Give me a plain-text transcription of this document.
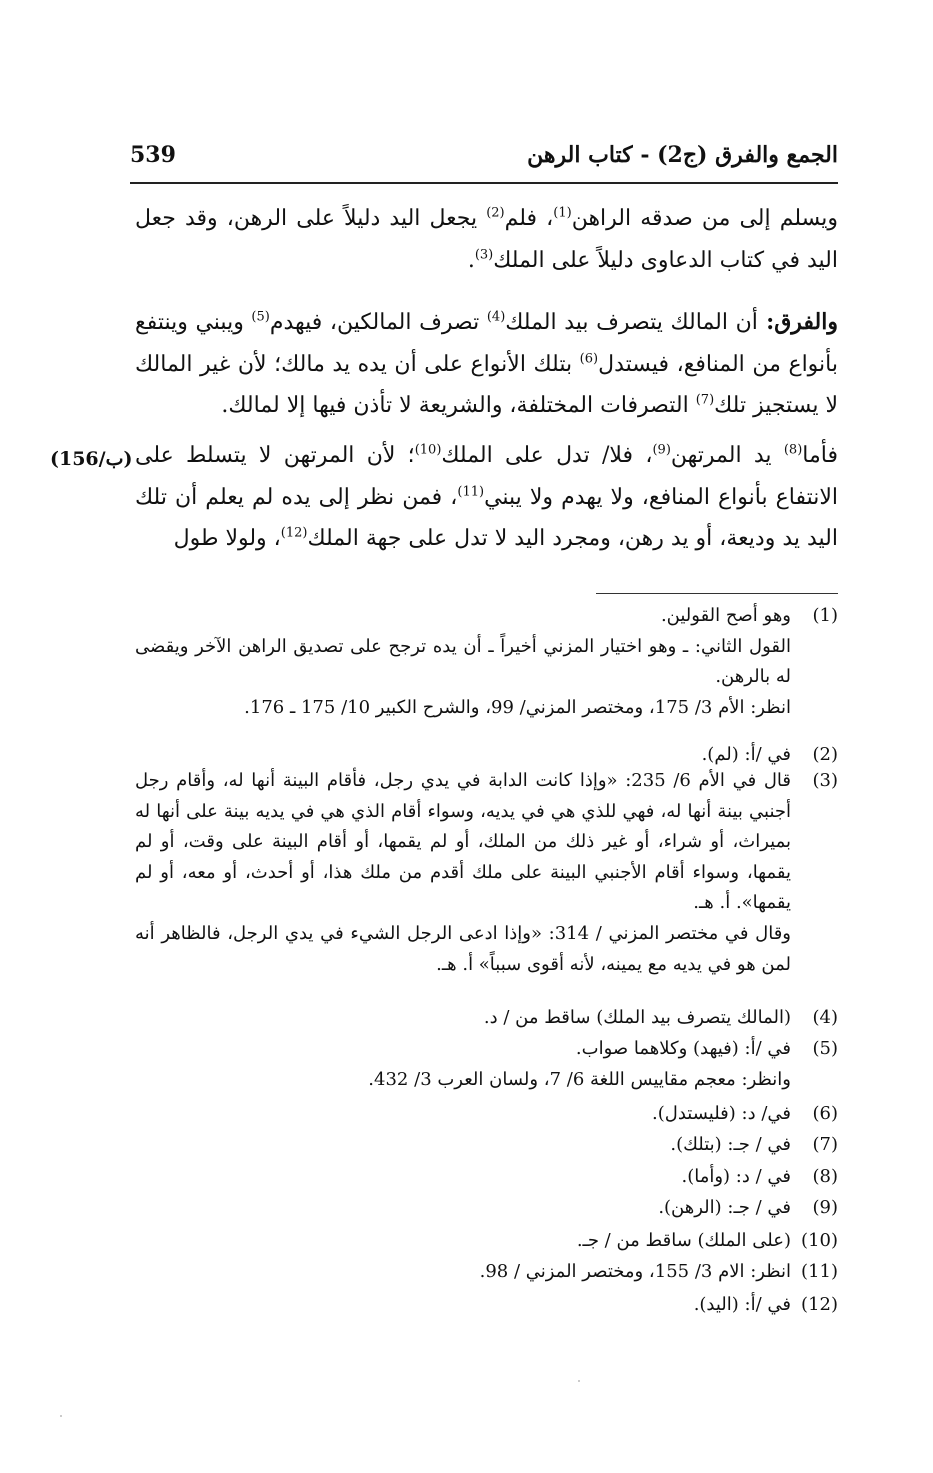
الجمع والفرق (ج2) - كتاب الرهن
539
ويسلم إلى من صدقه الراهن$^{(1)}$، فلم$^{(2)}$ يجعل اليد دليلاً على الرهن، وقد جعل اليد في كتاب الدعاوى دليلاً على الملك$^{(3)}$.
والفرق: أن المالك يتصرف بيد الملك$^{(4)}$ تصرف المالكين، فيهدم$^{(5)}$ ويبني وينتفع بأنواع من المنافع، فيستدل$^{(6)}$ بتلك الأنواع على أن يده يد مالك؛ لأن غير المالك لا يستجيز تلك$^{(7)}$ التصرفات المختلفة، والشريعة لا تأذن فيها إلا لمالك.
فأما$^{(8)}$ يد المرتهن$^{(9)}$، فلا/ تدل على الملك$^{(10)}$؛ لأن المرتهن لا يتسلط على الانتفاع بأنواع المنافع، ولا يهدم ولا يبني$^{(11)}$، فمن نظر إلى يده لم يعلم أن تلك اليد يد وديعة، أو يد رهن، ومجرد اليد لا تدل على جهة الملك$^{(12)}$، ولولا طول
(156/ب)
(1)
وهو أصح القولين.
القول الثاني: ـ وهو اختيار المزني أخيراً ـ أن يده ترجح على تصديق الراهن الآخر ويقضى له بالرهن.
انظر: الأم 3/ 175، ومختصر المزني/ 99، والشرح الكبير 10/ 175 ـ 176.
(2)
في /أ: (لم).
(3)
قال في الأم 6/ 235: «وإذا كانت الدابة في يدي رجل، فأقام البينة أنها له، وأقام رجل أجنبي بينة أنها له، فهي للذي هي في يديه، وسواء أقام الذي هي في يديه بينة على أنها له بميراث، أو شراء، أو غير ذلك من الملك، أو لم يقمها، أو أقام البينة على وقت، أو لم يقمها، وسواء أقام الأجنبي البينة على ملك أقدم من ملك هذا، أو أحدث، أو معه، أو لم يقمها». أ. هـ.
وقال في مختصر المزني / 314: «وإذا ادعى الرجل الشيء في يدي الرجل، فالظاهر أنه لمن هو في يديه مع يمينه، لأنه أقوى سبباً» أ. هـ.
(4)
(المالك يتصرف بيد الملك) ساقط من / د.
(5)
في /أ: (فيهد) وكلاهما صواب.
وانظر: معجم مقاييس اللغة 6/ 7، ولسان العرب 3/ 432.
(6)
في/ د: (فليستدل).
(7)
في / جـ: (بتلك).
(8)
في / د: (وأما).
(9)
في / جـ: (الرهن).
(10)
(على الملك) ساقط من / جـ.
(11)
انظر: الام 3/ 155، ومختصر المزني / 98.
(12)
في /أ: (اليد).
